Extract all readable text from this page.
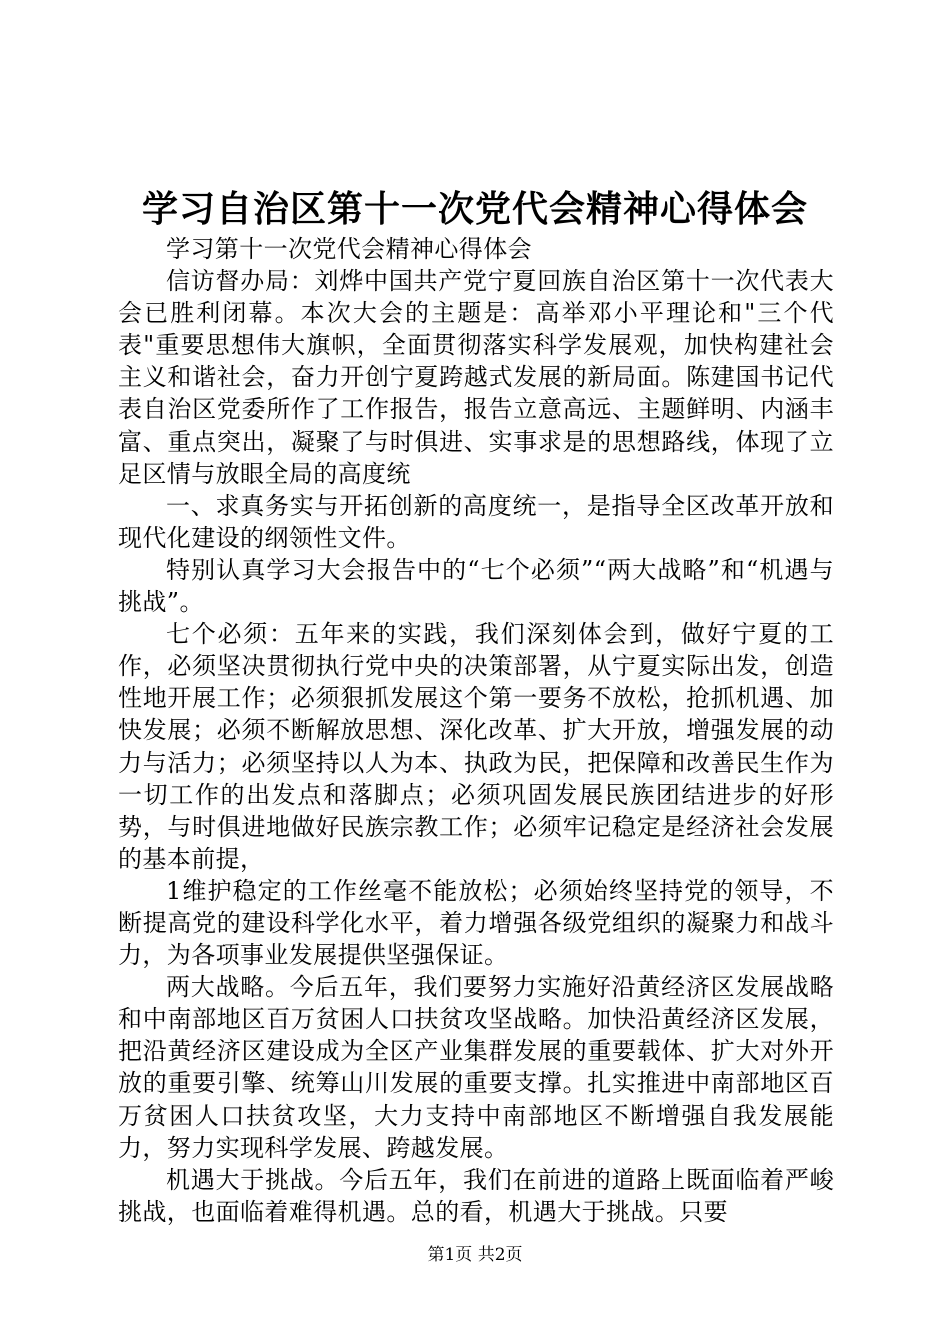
学习自治区第十一次党代会精神心得体会

学习第十一次党代会精神心得体会

信访督办局：刘烨中国共产党宁夏回族自治区第十一次代表大会已胜利闭幕。本次大会的主题是：高举邓小平理论和"三个代表"重要思想伟大旗帜，全面贯彻落实科学发展观，加快构建社会主义和谐社会，奋力开创宁夏跨越式发展的新局面。陈建国书记代表自治区党委所作了工作报告，报告立意高远、主题鲜明、内涵丰富、重点突出，凝聚了与时俱进、实事求是的思想路线，体现了立足区情与放眼全局的高度统

一、求真务实与开拓创新的高度统一，是指导全区改革开放和现代化建设的纲领性文件。

特别认真学习大会报告中的“七个必须”“两大战略”和“机遇与挑战”。

七个必须：五年来的实践，我们深刻体会到，做好宁夏的工作，必须坚决贯彻执行党中央的决策部署，从宁夏实际出发，创造性地开展工作；必须狠抓发展这个第一要务不放松，抢抓机遇、加快发展；必须不断解放思想、深化改革、扩大开放，增强发展的动力与活力；必须坚持以人为本、执政为民，把保障和改善民生作为一切工作的出发点和落脚点；必须巩固发展民族团结进步的好形势，与时俱进地做好民族宗教工作；必须牢记稳定是经济社会发展的基本前提，

1维护稳定的工作丝毫不能放松；必须始终坚持党的领导，不断提高党的建设科学化水平，着力增强各级党组织的凝聚力和战斗力，为各项事业发展提供坚强保证。

两大战略。今后五年，我们要努力实施好沿黄经济区发展战略和中南部地区百万贫困人口扶贫攻坚战略。加快沿黄经济区发展，把沿黄经济区建设成为全区产业集群发展的重要载体、扩大对外开放的重要引擎、统筹山川发展的重要支撑。扎实推进中南部地区百万贫困人口扶贫攻坚，大力支持中南部地区不断增强自我发展能力，努力实现科学发展、跨越发展。

机遇大于挑战。今后五年，我们在前进的道路上既面临着严峻挑战，也面临着难得机遇。总的看，机遇大于挑战。只要

第1页 共2页
